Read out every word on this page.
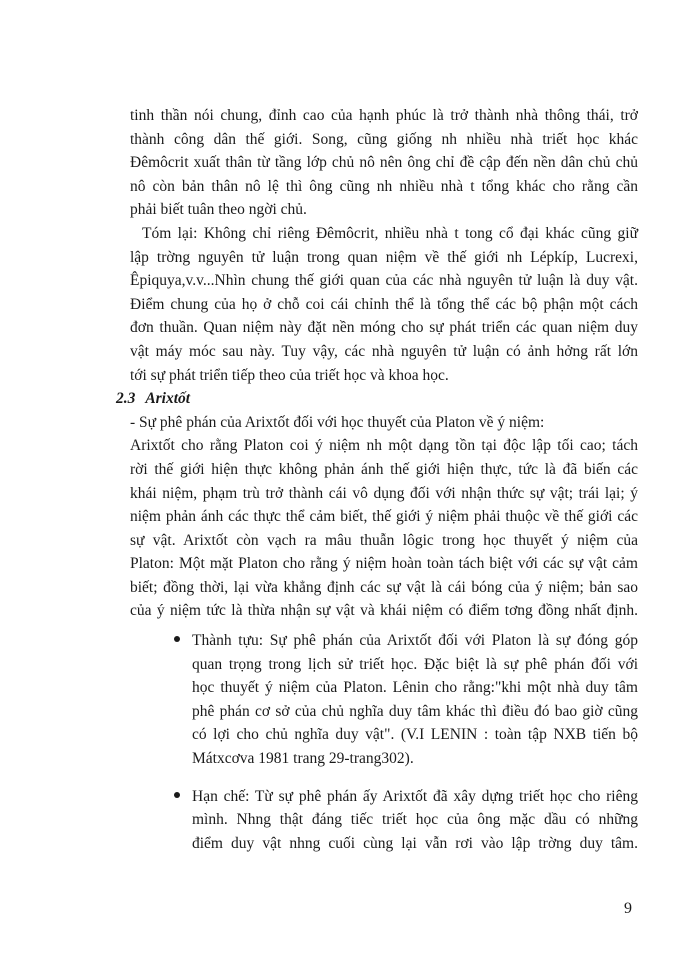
tinh thần nói chung, đỉnh cao của hạnh phúc là trở thành nhà thông thái, trở
thành công dân thế giới. Song, cũng giống nh nhiều nhà triết học khác
Đêmôcrit xuất thân từ tầng lớp chủ nô nên ông chỉ đề cập đến nền dân chủ chủ
nô còn bản thân nô lệ thì ông cũng nh nhiều nhà t tổng khác cho rằng cần
phải biết tuân theo ngời chủ.
Tóm lại: Không chỉ riêng Đêmôcrit, nhiều nhà t tong cổ đại khác cũng giữ
lập trờng nguyên tử luận trong quan niệm về thế giới nh Lépkíp, Lucrexi,
Êpiquya,v.v...Nhìn chung thế giới quan của các nhà nguyên tử luận là duy vật.
Điểm chung của họ ở chỗ coi cái chỉnh thể là tổng thể các bộ phận một cách
đơn thuần. Quan niệm này đặt nền móng cho sự phát triển các quan niệm duy
vật máy móc sau này. Tuy vậy, các nhà nguyên tử luận có ảnh hởng rất lớn
tới sự phát triển tiếp theo của triết học và khoa học.
2.3 Arixtốt
- Sự phê phán của Arixtốt đối với học thuyết của Platon về ý niệm:
Arixtốt cho rằng Platon coi ý niệm nh một dạng tồn tại độc lập tối cao; tách
rời thế giới hiện thực không phản ánh thế giới hiện thực, tức là đã biến các
khái niệm, phạm trù trở thành cái vô dụng đối với nhận thức sự vật; trái lại; ý
niệm phản ánh các thực thể cảm biết, thế giới ý niệm phải thuộc về thế giới các
sự vật. Arixtốt còn vạch ra mâu thuẫn lôgic trong học thuyết ý niệm của
Platon: Một mặt Platon cho rằng ý niệm hoàn toàn tách biệt với các sự vật cảm
biết; đồng thời, lại vừa khẳng định các sự vật là cái bóng của ý niệm; bản sao
của ý niệm tức là thừa nhận sự vật và khái niệm có điểm tơng đồng nhất định.
Thành tựu: Sự phê phán của Arixtốt đối với Platon là sự đóng góp
quan trọng trong lịch sử triết học. Đặc biệt là sự phê phán đối với
học thuyết ý niệm của Platon. Lênin cho rằng:"khi một nhà duy tâm
phê phán cơ sở của chủ nghĩa duy tâm khác thì điều đó bao giờ cũng
có lợi cho chủ nghĩa duy vật". (V.I LENIN : toàn tập NXB tiến bộ
Mátxcơva 1981 trang 29-trang302).
Hạn chế: Từ sự phê phán ấy Arixtốt đã xây dựng triết học cho riêng
mình. Nhng thật đáng tiếc triết học của ông mặc dầu có những
điểm duy vật nhng cuối cùng lại vẫn rơi vào lập trờng duy tâm.
9
